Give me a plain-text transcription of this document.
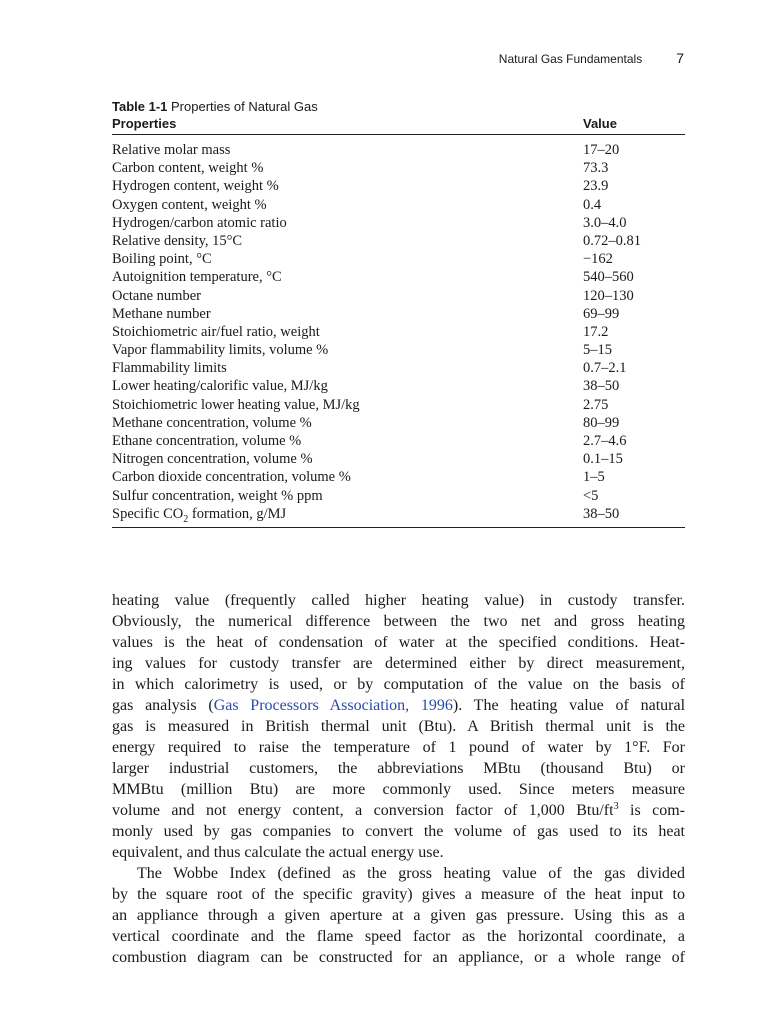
Natural Gas Fundamentals 7
Table 1-1 Properties of Natural Gas
Properties	Value
Relative molar mass	17–20
Carbon content, weight %	73.3
Hydrogen content, weight %	23.9
Oxygen content, weight %	0.4
Hydrogen/carbon atomic ratio	3.0–4.0
Relative density, 15°C	0.72–0.81
Boiling point, °C	−162
Autoignition temperature, °C	540–560
Octane number	120–130
Methane number	69–99
Stoichiometric air/fuel ratio, weight	17.2
Vapor flammability limits, volume %	5–15
Flammability limits	0.7–2.1
Lower heating/calorific value, MJ/kg	38–50
Stoichiometric lower heating value, MJ/kg	2.75
Methane concentration, volume %	80–99
Ethane concentration, volume %	2.7–4.6
Nitrogen concentration, volume %	0.1–15
Carbon dioxide concentration, volume %	1–5
Sulfur concentration, weight % ppm	<5
Specific $CO_2$ formation, g/MJ	38–50
heating value (frequently called higher heating value) in custody transfer.
Obviously, the numerical difference between the two net and gross heating
values is the heat of condensation of water at the specified conditions. Heat-
ing values for custody transfer are determined either by direct measurement,
in which calorimetry is used, or by computation of the value on the basis of
gas analysis (Gas Processors Association, 1996). The heating value of natural
gas is measured in British thermal unit (Btu). A British thermal unit is the
energy required to raise the temperature of 1 pound of water by 1°F. For
larger industrial customers, the abbreviations MBtu (thousand Btu) or
MMBtu (million Btu) are more commonly used. Since meters measure
volume and not energy content, a conversion factor of 1,000 Btu/$ft^3$ is com-
monly used by gas companies to convert the volume of gas used to its heat
equivalent, and thus calculate the actual energy use.
The Wobbe Index (defined as the gross heating value of the gas divided
by the square root of the specific gravity) gives a measure of the heat input to
an appliance through a given aperture at a given gas pressure. Using this as a
vertical coordinate and the flame speed factor as the horizontal coordinate, a
combustion diagram can be constructed for an appliance, or a whole range of
